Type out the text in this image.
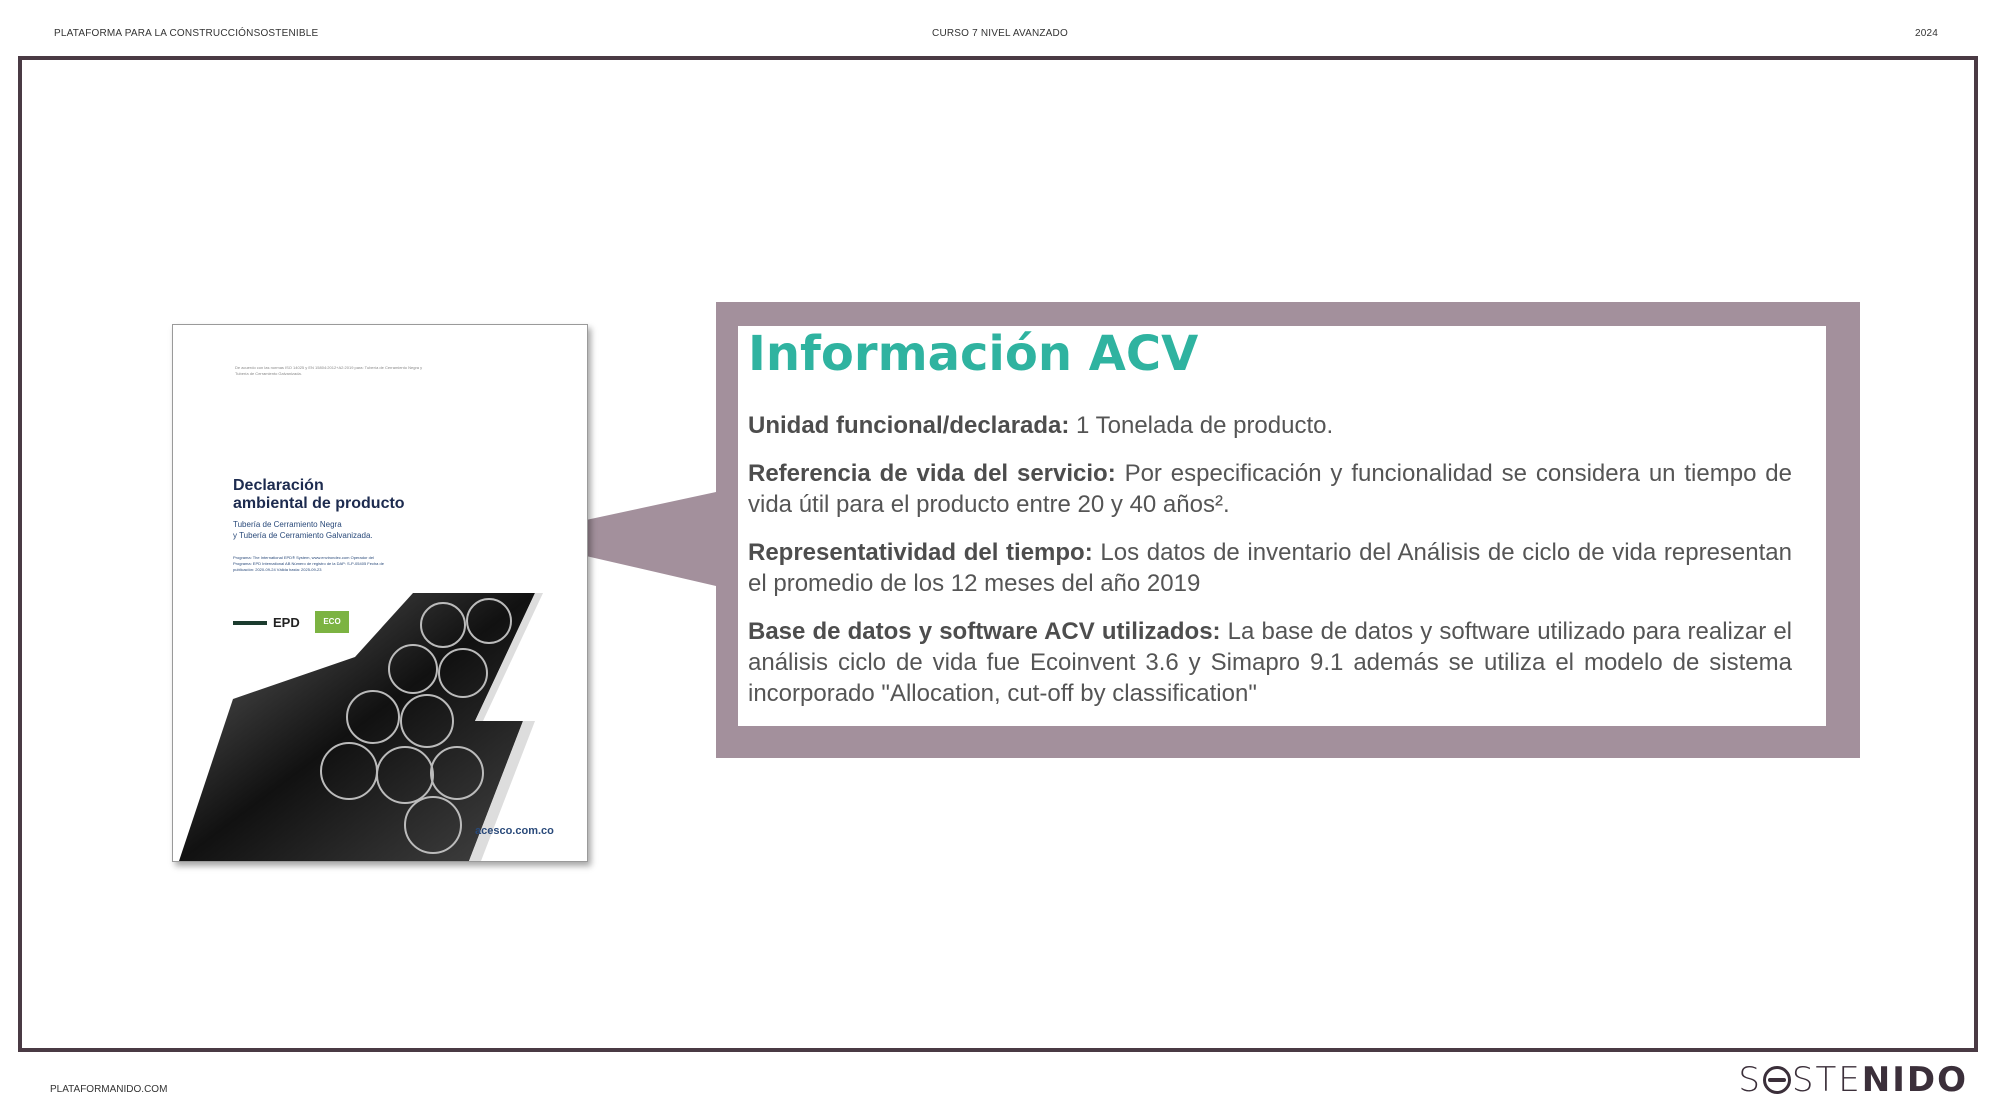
PLATAFORMA PARA LA CONSTRUCCIÓNSOSTENIBLE	CURSO 7 NIVEL AVANZADO	2024
De acuerdo con las normas ISO 14025 y EN 15804:2012+A2:2019 para: Tubería de Cerramiento Negra y Tubería de Cerramiento Galvanizada.
Declaración
ambiental de producto
Tubería de Cerramiento Negra
y Tubería de Cerramiento Galvanizada.
Programa: The International EPD® System, www.environdec.com Operador del Programa: EPD International AB Número de registro de la DAP: S-P-05405 Fecha de publicación: 2020-09-24 Válida hasta: 2025-09-23
EPD	ECO
acesco.com.co
Información ACV

Unidad funcional/declarada: 1 Tonelada de producto.

Referencia de vida del servicio: Por especificación y funcionalidad se considera un tiempo de vida útil para el producto entre 20 y 40 años².

Representatividad del tiempo: Los datos de inventario del Análisis de ciclo de vida representan el promedio de los 12 meses del año 2019

Base de datos y software ACV utilizados: La base de datos y software utilizado para realizar el análisis ciclo de vida fue Ecoinvent 3.6 y Simapro 9.1 además se utiliza el modelo de sistema incorporado "Allocation, cut-off by classification"

PLATAFORMANIDO.COM	S STENIDO
